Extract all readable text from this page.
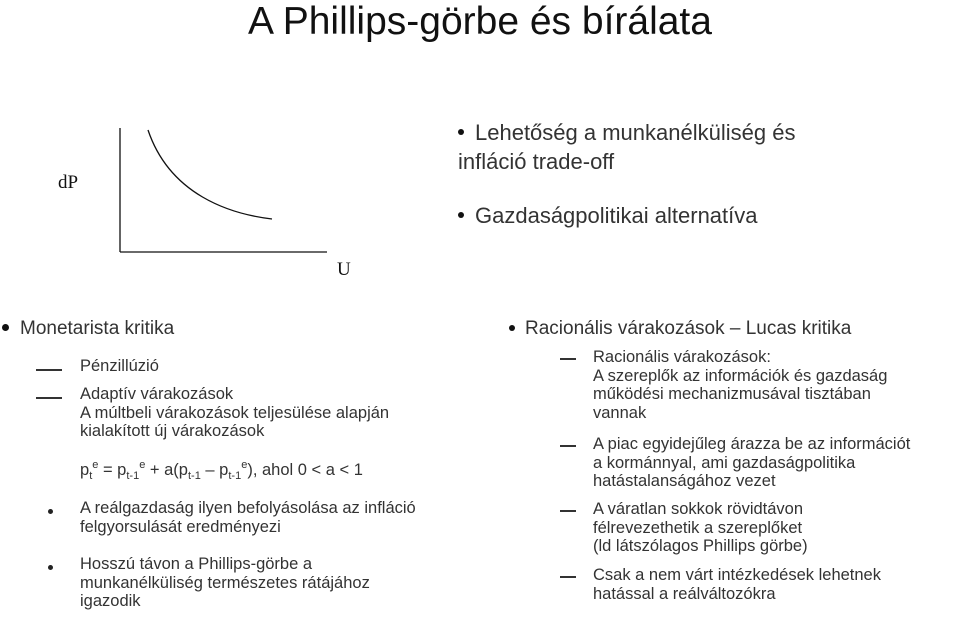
A Phillips-görbe és bírálata
dP
U
Lehetőség a munkanélküliség és
infláció trade-off
Gazdaságpolitikai alternatíva
Monetarista kritika
Pénzillúzió
Adaptív várakozások
A múltbeli várakozások teljesülése alapján
kialakított új várakozások
$p_t^e = p_{t-1}^e + a(p_{t-1} - p_{t-1}^e)$, ahol 0 < a < 1
A reálgazdaság ilyen befolyásolása az infláció
felgyorsulását eredményezi
Hosszú távon a Phillips-görbe a
munkanélküliség természetes rátájához
igazodik
Racionális várakozások – Lucas kritika
Racionális várakozások:
A szereplők az információk és gazdaság
működési mechanizmusával tisztában
vannak
A piac egyidejűleg árazza be az információt
a kormánnyal, ami gazdaságpolitika
hatástalanságához vezet
A váratlan sokkok rövidtávon
félrevezethetik a szereplőket
(ld látszólagos Phillips görbe)
Csak a nem várt intézkedések lehetnek
hatással a reálváltozókra
